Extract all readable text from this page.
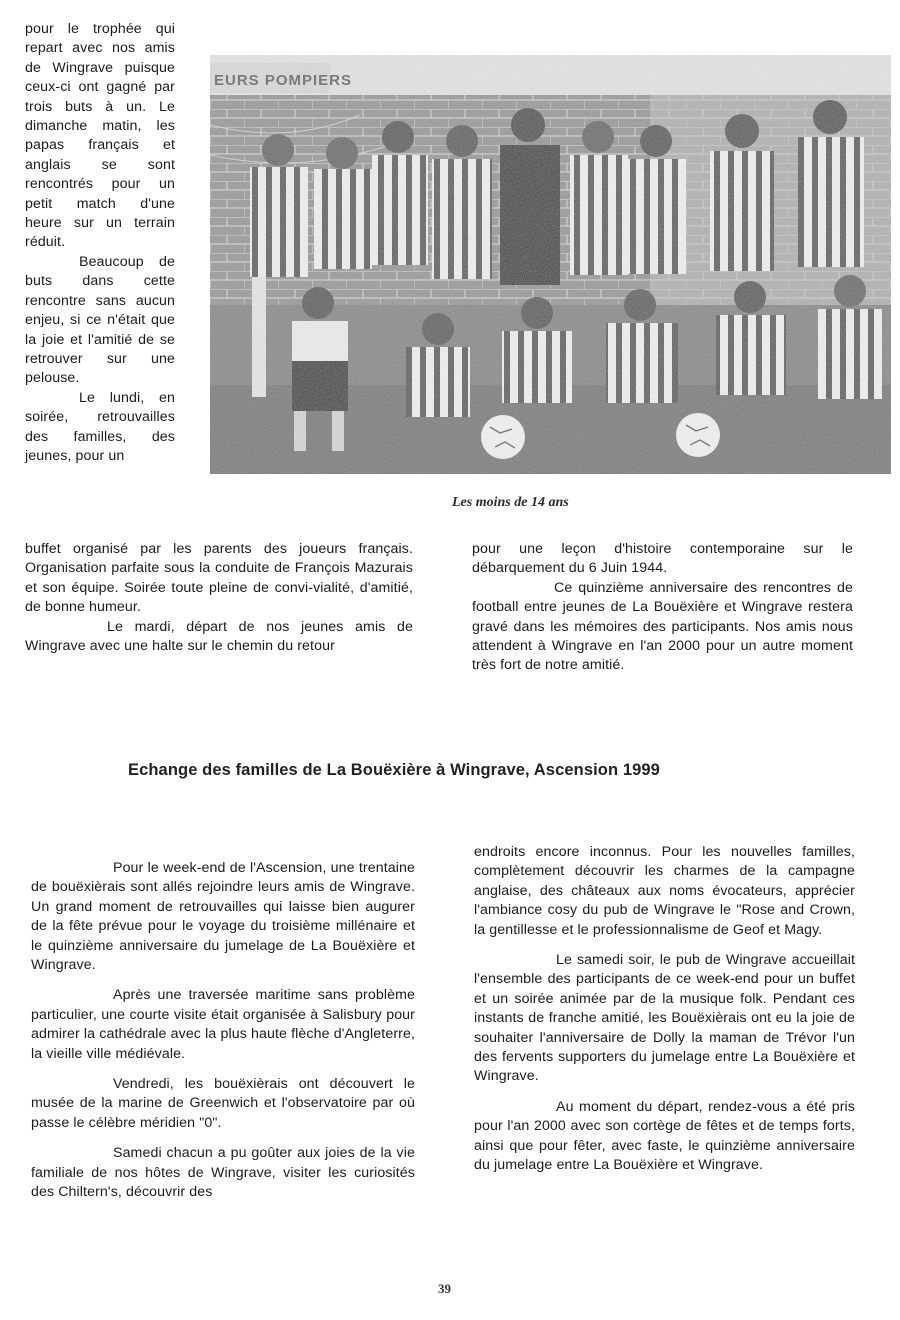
pour le trophée qui repart avec nos amis de Wingrave puisque ceux-ci ont gagné par trois buts à un. Le dimanche matin, les papas français et anglais se sont rencontrés pour un petit match d'une heure sur un terrain réduit.

Beaucoup de buts dans cette rencontre sans aucun enjeu, si ce n'était que la joie et l'amitié de se retrouver sur une pelouse.

Le lundi, en soirée, retrouvailles des familles, des jeunes, pour un

EURS POMPIERS
Les moins de 14 ans

buffet organisé par les parents des joueurs français. Organisation parfaite sous la conduite de François Mazurais et son équipe. Soirée toute pleine de convi-vialité, d'amitié, de bonne humeur.

Le mardi, départ de nos jeunes amis de Wingrave avec une halte sur le chemin du retour

pour une leçon d'histoire contemporaine sur le débarquement du 6 Juin 1944.

Ce quinzième anniversaire des rencontres de football entre jeunes de La Bouëxière et Wingrave restera gravé dans les mémoires des participants. Nos amis nous attendent à Wingrave en l'an 2000 pour un autre moment très fort de notre amitié.

Echange des familles de La Bouëxière à Wingrave, Ascension 1999

Pour le week-end de l'Ascension, une trentaine de bouëxièrais sont allés rejoindre leurs amis de Wingrave. Un grand moment de retrouvailles qui laisse bien augurer de la fête prévue pour le voyage du troisième millénaire et le quinzième anniversaire du jumelage de La Bouëxière et Wingrave.

Après une traversée maritime sans problème particulier, une courte visite était organisée à Salisbury pour admirer la cathédrale avec la plus haute flèche d'Angleterre, la vieille ville médiévale.

Vendredi, les bouëxièrais ont découvert le musée de la marine de Greenwich et l'observatoire par où passe le célèbre méridien "0".

Samedi chacun a pu goûter aux joies de la vie familiale de nos hôtes de Wingrave, visiter les curiosités des Chiltern's, découvrir des

endroits encore inconnus. Pour les nouvelles familles, complètement découvrir les charmes de la campagne anglaise, des châteaux aux noms évocateurs, apprécier l'ambiance cosy du pub de Wingrave le "Rose and Crown, la gentillesse et le professionnalisme de Geof et Magy.

Le samedi soir, le pub de Wingrave accueillait l'ensemble des participants de ce week-end pour un buffet et un soirée animée par de la musique folk. Pendant ces instants de franche amitié, les Bouëxièrais ont eu la joie de souhaiter l'anniversaire de Dolly la maman de Trévor l'un des fervents supporters du jumelage entre La Bouëxière et Wingrave.

Au moment du départ, rendez-vous a été pris pour l'an 2000 avec son cortège de fêtes et de temps forts, ainsi que pour fêter, avec faste, le quinzième anniversaire du jumelage entre La Bouëxière et Wingrave.

39
